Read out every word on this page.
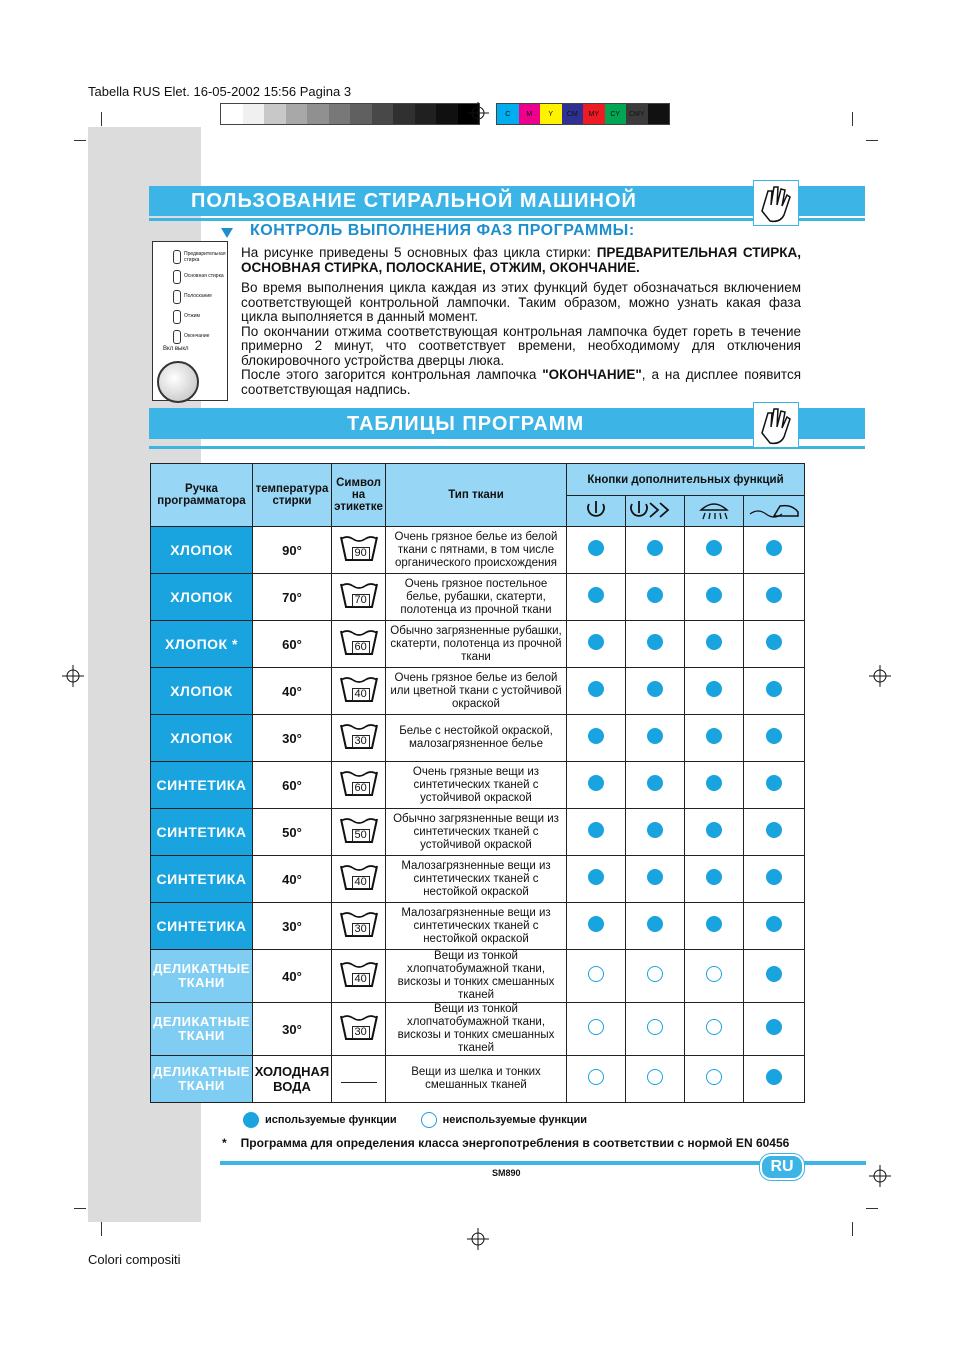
Tabella RUS Elet. 16-05-2002 15:56 Pagina 3
Colori compositi
C	M	Y	CM	MY	CY	CMY	K
ПОЛЬЗОВАНИЕ СТИРАЛЬНОЙ МАШИНОЙ
КОНТРОЛЬ ВЫПОЛНЕНИЯ ФАЗ ПРОГРАММЫ:
Предварительная стирка
Основная стирка
Полоскание
Отжим
Окончание
Вкл выкл

На рисунке приведены 5 основных фаз цикла стирки: ПРЕДВАРИТЕЛЬНАЯ СТИРКА, ОСНОВНАЯ СТИРКА, ПОЛОСКАНИЕ, ОТЖИМ, ОКОНЧАНИЕ.

Во время выполнения цикла каждая из этих функций будет обозначаться включением соответствующей контрольной лампочки. Таким образом, можно узнать какая фаза цикла выполняется в данный момент.

По окончании отжима соответствующая контрольная лампочка будет гореть в течение примерно 2 минут, что соответствует времени, необходимому для отключения блокировочного устройства дверцы люка.

После этого загорится контрольная лампочка "ОКОНЧАНИЕ", а на дисплее появится соответствующая надпись.

ТАБЛИЦЫ ПРОГРАММ
Ручка программатора	температура стирки	Символ на этикетке	Тип ткани	Кнопки дополнительных функций			

ХЛОПОК	90°	90	Очень грязное белье из белой ткани с пятнами, в том числе органического происхождения				
ХЛОПОК	70°	70	Очень грязное постельное белье, рубашки, скатерти, полотенца из прочной ткани				
ХЛОПОК *	60°	60	Обычно загрязненные рубашки, скатерти, полотенца из прочной ткани				
ХЛОПОК	40°	40	Очень грязное белье из белой или цветной ткани с устойчивой окраской				
ХЛОПОК	30°	30	Белье с нестойкой окраской, малозагрязненное белье				
СИНТЕТИКА	60°	60	Очень грязные вещи из синтетических тканей с устойчивой окраской				
СИНТЕТИКА	50°	50	Обычно загрязненные вещи из синтетических тканей с устойчивой окраской				
СИНТЕТИКА	40°	40	Малозагрязненные вещи из синтетических тканей с нестойкой окраской				
СИНТЕТИКА	30°	30	Малозагрязненные вещи из синтетических тканей с нестойкой окраской				
ДЕЛИКАТНЫЕ ТКАНИ	40°	40	Вещи из тонкой хлопчатобумажной ткани, вискозы и тонких смешанных тканей				
ДЕЛИКАТНЫЕ ТКАНИ	30°	30	Вещи из тонкой хлопчатобумажной ткани, вискозы и тонких смешанных тканей				
ДЕЛИКАТНЫЕ ТКАНИ	ХОЛОДНАЯ ВОДА		Вещи из шелка и тонких смешанных тканей				
используемые функции	неиспользуемые функции
* Программа для определения класса энергопотребления в соответствии с нормой EN 60456
RU
SM890
